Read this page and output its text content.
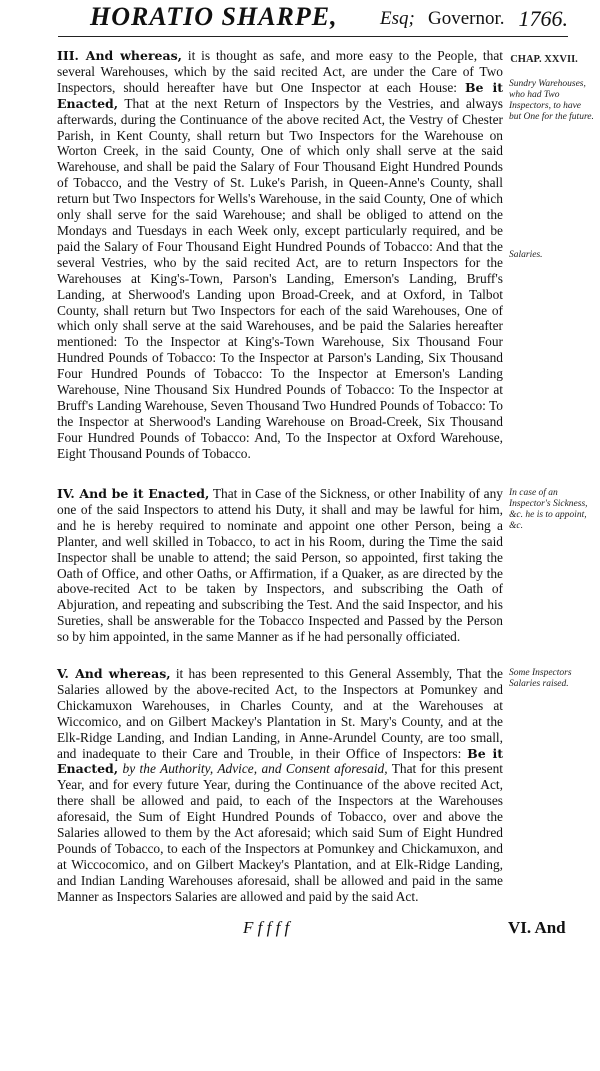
HORATIO SHARPE, Esq; Governor. 1766.
CHAP. XXVII.
Sundry Warehouses, who had Two Inspectors, to have but One for the future.
Salaries.
In case of an Inspector's Sickness, &c. he is to appoint, &c.
Some Inspectors Salaries raised.
III. And whereas, it is thought as safe, and more easy to the People, that several Warehouses, which by the said recited Act, are under the Care of Two Inspectors, should hereafter have but One Inspector at each House: Be it Enacted, That at the next Return of Inspectors by the Vestries, and always afterwards, during the Continuance of the above recited Act, the Vestry of Chester Parish, in Kent County, shall return but Two Inspectors for the Warehouse on Worton Creek, in the said County, One of which only shall serve at the said Warehouse, and shall be paid the Salary of Four Thousand Eight Hundred Pounds of Tobacco, and the Vestry of St. Luke's Parish, in Queen-Anne's County, shall return but Two Inspectors for Wells's Warehouse, in the said County, One of which only shall serve for the said Warehouse; and shall be obliged to attend on the Mondays and Tuesdays in each Week only, except particularly required, and be paid the Salary of Four Thousand Eight Hundred Pounds of Tobacco: And that the several Vestries, who by the said recited Act, are to return Inspectors for the Warehouses at King's-Town, Parson's Landing, Emerson's Landing, Bruff's Landing, at Sherwood's Landing upon Broad-Creek, and at Oxford, in Talbot County, shall return but Two Inspectors for each of the said Warehouses, One of which only shall serve at the said Warehouses, and be paid the Salaries hereafter mentioned: To the Inspector at King's-Town Warehouse, Six Thousand Four Hundred Pounds of Tobacco: To the Inspector at Parson's Landing, Six Thousand Four Hundred Pounds of Tobacco: To the Inspector at Emerson's Landing Warehouse, Nine Thousand Six Hundred Pounds of Tobacco: To the Inspector at Bruff's Landing Warehouse, Seven Thousand Two Hundred Pounds of Tobacco: To the Inspector at Sherwood's Landing Warehouse on Broad-Creek, Six Thousand Four Hundred Pounds of Tobacco: And, To the Inspector at Oxford Warehouse, Eight Thousand Pounds of Tobacco.
IV. And be it Enacted, That in Case of the Sickness, or other Inability of any one of the said Inspectors to attend his Duty, it shall and may be lawful for him, and he is hereby required to nominate and appoint one other Person, being a Planter, and well skilled in Tobacco, to act in his Room, during the Time the said Inspector shall be unable to attend; the said Person, so appointed, first taking the Oath of Office, and other Oaths, or Affirmation, if a Quaker, as are directed by the above-recited Act to be taken by Inspectors, and subscribing the Oath of Abjuration, and repeating and subscribing the Test. And the said Inspector, and his Sureties, shall be answerable for the Tobacco Inspected and Passed by the Person so by him appointed, in the same Manner as if he had personally officiated.
V. And whereas, it has been represented to this General Assembly, That the Salaries allowed by the above-recited Act, to the Inspectors at Pomunkey and Chickamuxon Warehouses, in Charles County, and at the Warehouses at Wiccomico, and on Gilbert Mackey's Plantation in St. Mary's County, and at the Elk-Ridge Landing, and Indian Landing, in Anne-Arundel County, are too small, and inadequate to their Care and Trouble, in their Office of Inspectors: Be it Enacted, by the Authority, Advice, and Consent aforesaid, That for this present Year, and for every future Year, during the Continuance of the above recited Act, there shall be allowed and paid, to each of the Inspectors at the Warehouses aforesaid, the Sum of Eight Hundred Pounds of Tobacco, over and above the Salaries allowed to them by the Act aforesaid; which said Sum of Eight Hundred Pounds of Tobacco, to each of the Inspectors at Pomunkey and Chickamuxon, and at Wiccocomico, and on Gilbert Mackey's Plantation, and at Elk-Ridge Landing, and Indian Landing Warehouses aforesaid, shall be allowed and paid in the same Manner as Inspectors Salaries are allowed and paid by the said Act.
F f f f f	VI. And
